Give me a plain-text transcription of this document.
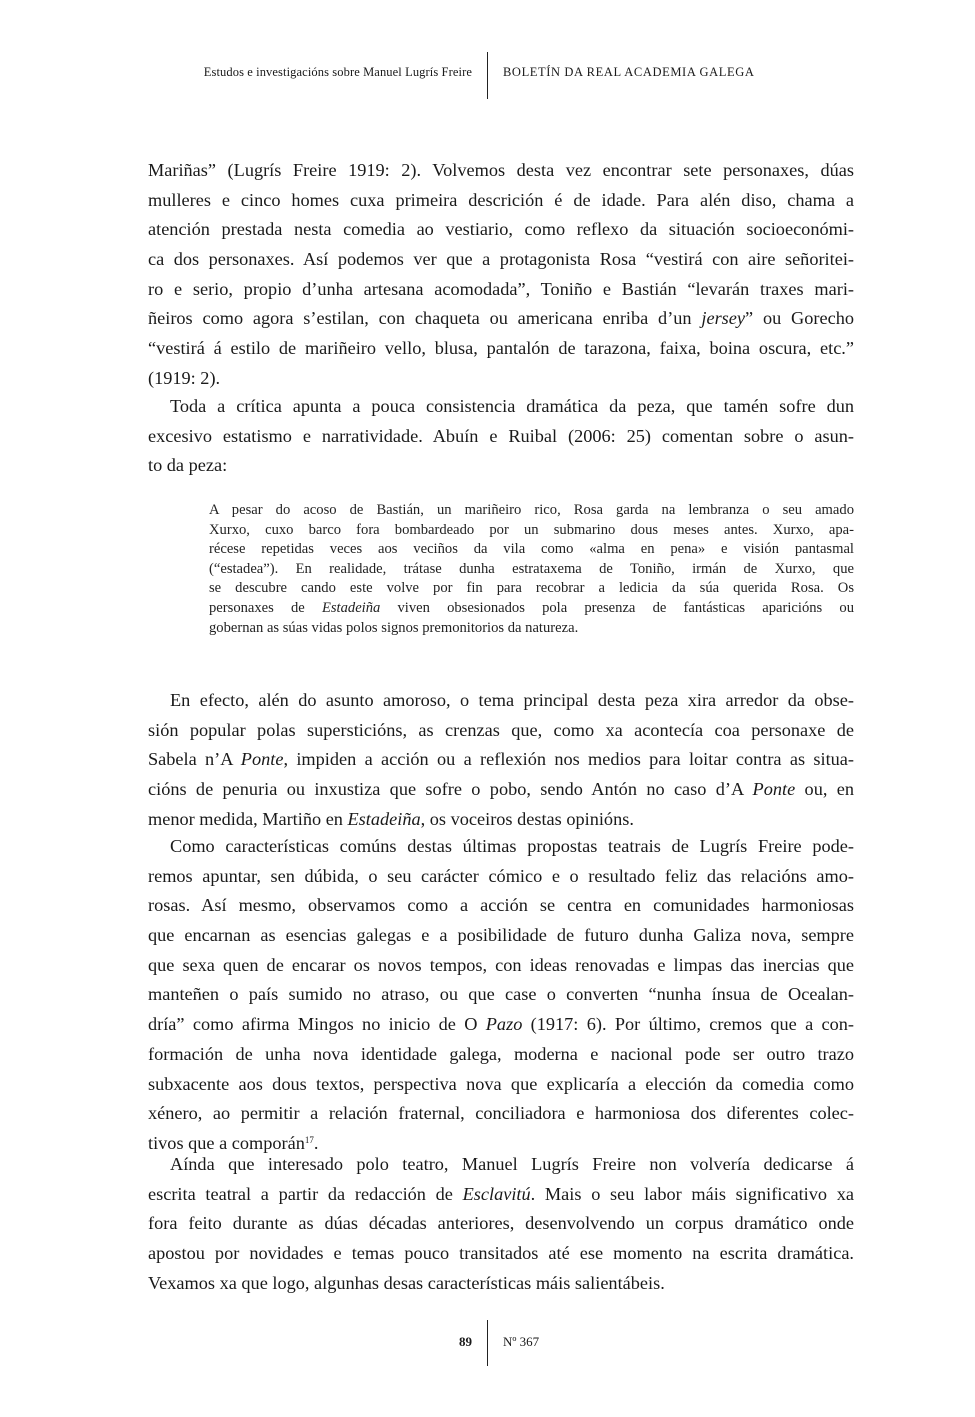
Estudos e investigacións sobre Manuel Lugrís Freire BOLETÍN DA REAL ACADEMIA GALEGA
Mariñas” (Lugrís Freire 1919: 2). Volvemos desta vez encontrar sete personaxes, dúas
mulleres e cinco homes cuxa primeira descrición é de idade. Para alén diso, chama a
atención prestada nesta comedia ao vestiario, como reflexo da situación socioeconómi-
ca dos personaxes. Así podemos ver que a protagonista Rosa “vestirá con aire señoritei-
ro e serio, propio d’unha artesana acomodada”, Toniño e Bastián “levarán traxes mari-
ñeiros como agora s’estilan, con chaqueta ou americana enriba d’un jersey” ou Gorecho
“vestirá á estilo de mariñeiro vello, blusa, pantalón de tarazona, faixa, boina oscura, etc.”
(1919: 2).
Toda a crítica apunta a pouca consistencia dramática da peza, que tamén sofre dun
excesivo estatismo e narratividade. Abuín e Ruibal (2006: 25) comentan sobre o asun-
to da peza:
En efecto, alén do asunto amoroso, o tema principal desta peza xira arredor da obse-
sión popular polas supersticións, as crenzas que, como xa acontecía coa personaxe de
Sabela n’A Ponte, impiden a acción ou a reflexión nos medios para loitar contra as situa-
cións de penuria ou inxustiza que sofre o pobo, sendo Antón no caso d’A Ponte ou, en
menor medida, Martiño en Estadeiña, os voceiros destas opinións.
Como características comúns destas últimas propostas teatrais de Lugrís Freire pode-
remos apuntar, sen dúbida, o seu carácter cómico e o resultado feliz das relacións amo-
rosas. Así mesmo, observamos como a acción se centra en comunidades harmoniosas
que encarnan as esencias galegas e a posibilidade de futuro dunha Galiza nova, sempre
que sexa quen de encarar os novos tempos, con ideas renovadas e limpas das inercias que
manteñen o país sumido no atraso, ou que case o converten “nunha ínsua de Ocealan-
dría” como afirma Mingos no inicio de O Pazo (1917: 6). Por último, cremos que a con-
formación de unha nova identidade galega, moderna e nacional pode ser outro trazo
subxacente aos dous textos, perspectiva nova que explicaría a elección da comedia como
xénero, ao permitir a relación fraternal, conciliadora e harmoniosa dos diferentes colec-
tivos que a comporán$^{17}$.
Aínda que interesado polo teatro, Manuel Lugrís Freire non volvería dedicarse á
escrita teatral a partir da redacción de Esclavitú. Mais o seu labor máis significativo xa
fora feito durante as dúas décadas anteriores, desenvolvendo un corpus dramático onde
apostou por novidades e temas pouco transitados até ese momento na escrita dramática.
Vexamos xa que logo, algunhas desas características máis salientábeis.
A pesar do acoso de Bastián, un mariñeiro rico, Rosa garda na lembranza o seu amado
Xurxo, cuxo barco fora bombardeado por un submarino dous meses antes. Xurxo, apa-
récese repetidas veces aos veciños da vila como «alma en pena» e visión pantasmal
(“estadea”). En realidade, trátase dunha estrataxema de Toniño, irmán de Xurxo, que
se descubre cando este volve por fin para recobrar a ledicia da súa querida Rosa. Os
personaxes de Estadeiña viven obsesionados pola presenza de fantásticas aparicións ou
gobernan as súas vidas polos signos premonitorios da natureza.
89 Nº 367
